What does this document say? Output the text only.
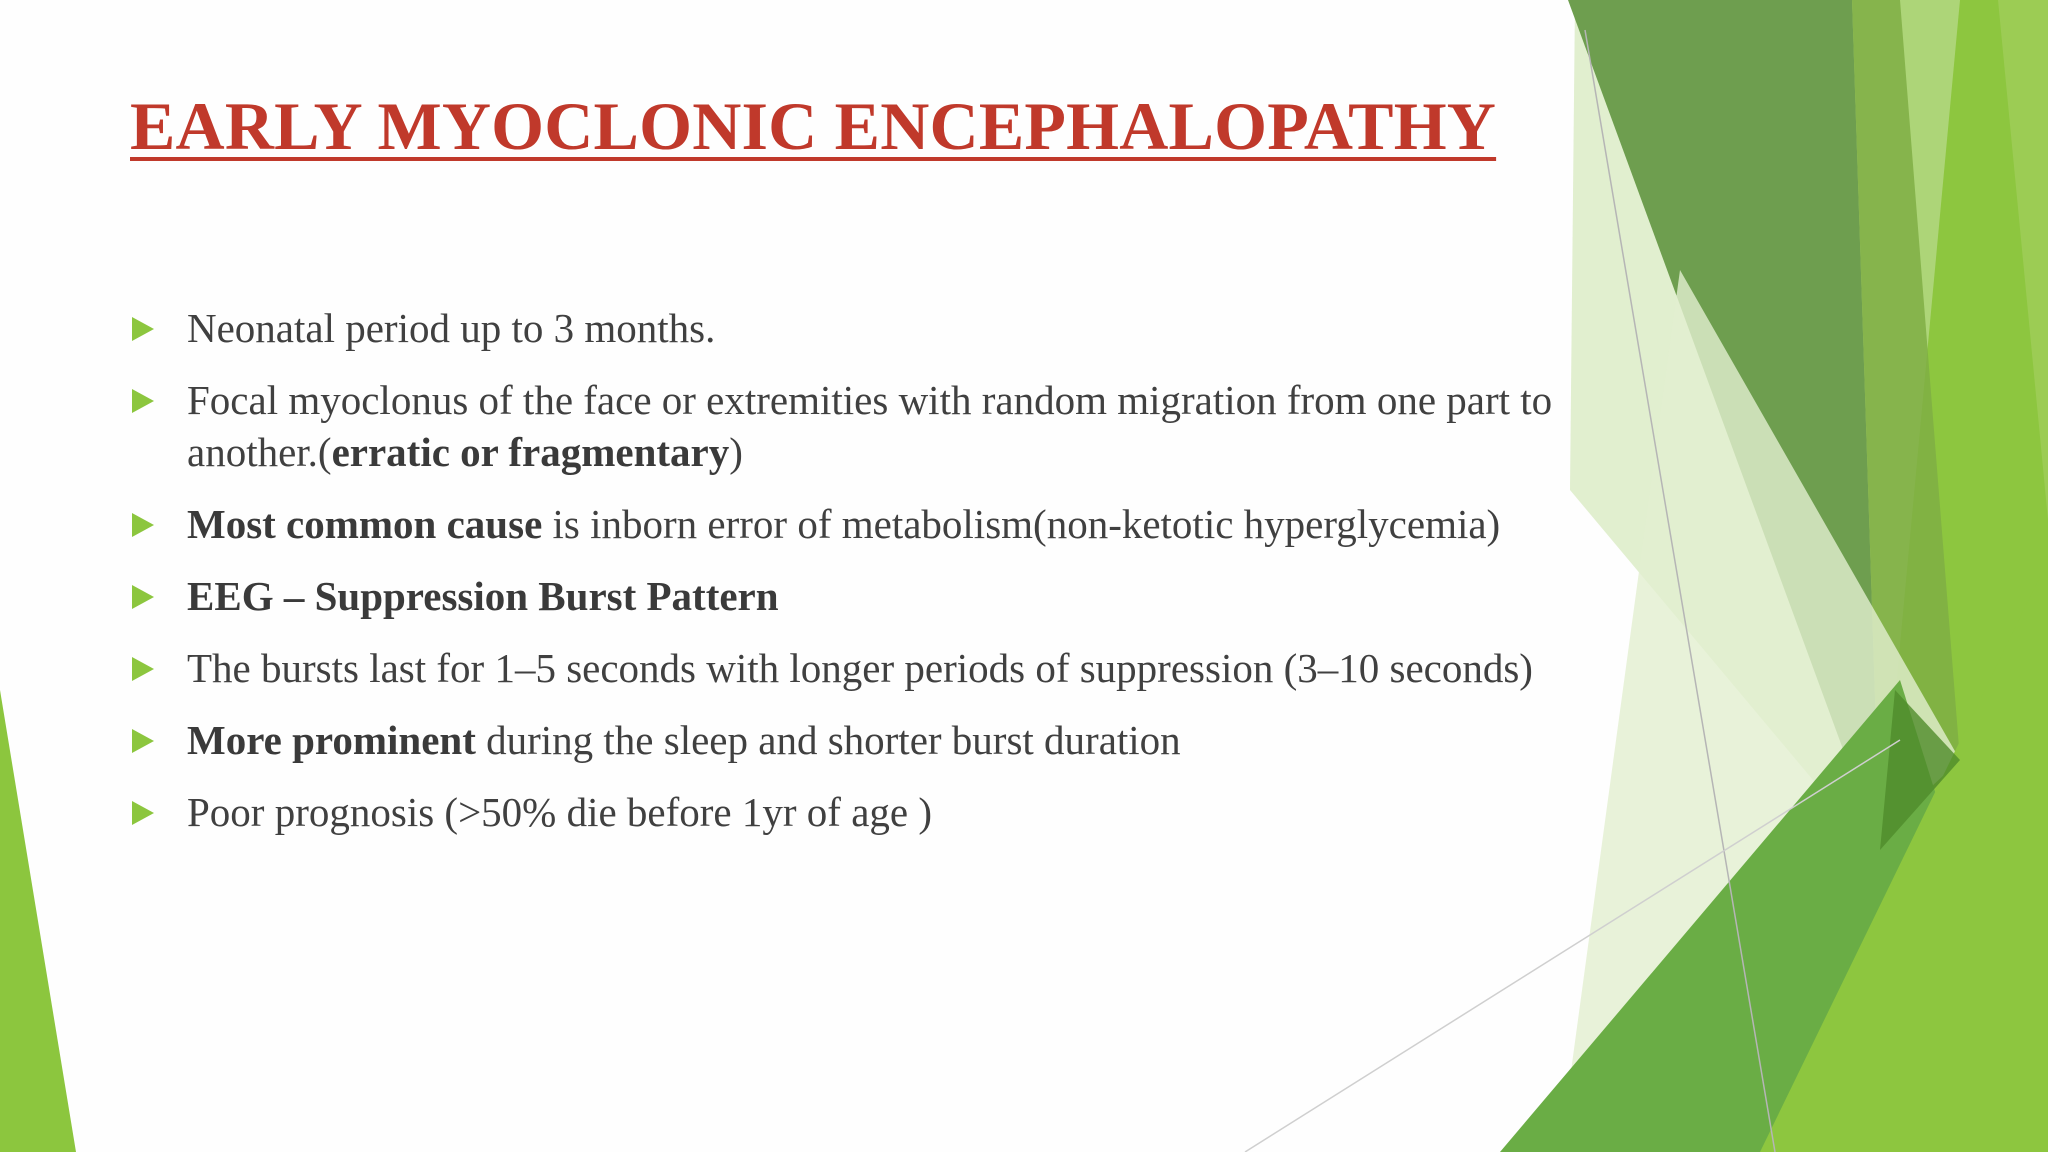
EARLY MYOCLONIC ENCEPHALOPATHY
Neonatal period up to 3 months.
Focal myoclonus of the face or extremities with random migration from one part to another.(erratic or fragmentary)
Most common cause is inborn error of metabolism(non-ketotic hyperglycemia)
EEG – Suppression Burst Pattern
The bursts last for 1–5 seconds with longer periods of suppression (3–10 seconds)
More prominent during the sleep and shorter burst duration
Poor prognosis (>50% die before 1yr of age )
